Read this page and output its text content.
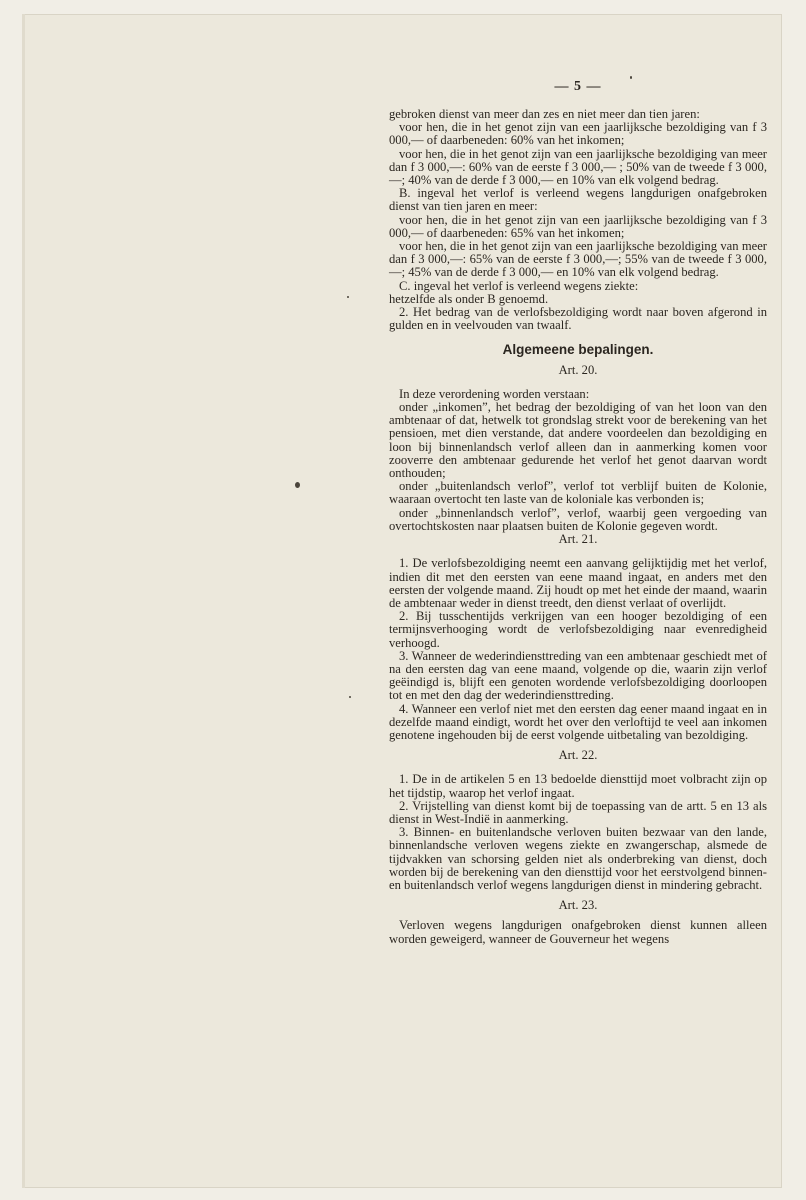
— 5 —

gebroken dienst van meer dan zes en niet meer dan tien jaren:

voor hen, die in het genot zijn van een jaarlijksche bezoldiging van f 3 000,— of daarbeneden: 60% van het inkomen;

voor hen, die in het genot zijn van een jaarlijksche bezoldiging van meer dan f 3 000,—: 60% van de eerste f 3 000,— ; 50% van de tweede f 3 000,—; 40% van de derde f 3 000,— en 10% van elk volgend bedrag.

B. ingeval het verlof is verleend wegens langdurigen onafgebroken dienst van tien jaren en meer:

voor hen, die in het genot zijn van een jaarlijksche bezoldiging van f 3 000,— of daarbeneden: 65% van het inkomen;

voor hen, die in het genot zijn van een jaarlijksche bezoldiging van meer dan f 3 000,—: 65% van de eerste f 3 000,—; 55% van de tweede f 3 000,—; 45% van de derde f 3 000,— en 10% van elk volgend bedrag.

C. ingeval het verlof is verleend wegens ziekte:

hetzelfde als onder B genoemd.

2. Het bedrag van de verlofsbezoldiging wordt naar boven afgerond in gulden en in veelvouden van twaalf.

Algemeene bepalingen.

Art. 20.

In deze verordening worden verstaan:

onder „inkomen”, het bedrag der bezoldiging of van het loon van den ambtenaar of dat, hetwelk tot grondslag strekt voor de berekening van het pensioen, met dien verstande, dat andere voordeelen dan bezoldiging en loon bij binnenlandsch verlof alleen dan in aanmerking komen voor zooverre den ambtenaar gedurende het verlof het genot daarvan wordt onthouden;

onder „buitenlandsch verlof”, verlof tot verblijf buiten de Kolonie, waaraan overtocht ten laste van de koloniale kas verbonden is;

onder „binnenlandsch verlof”, verlof, waarbij geen vergoeding van overtochtskosten naar plaatsen buiten de Kolonie gegeven wordt.

Art. 21.

1. De verlofsbezoldiging neemt een aanvang gelijktijdig met het verlof, indien dit met den eersten van eene maand ingaat, en anders met den eersten der volgende maand. Zij houdt op met het einde der maand, waarin de ambtenaar weder in dienst treedt, den dienst verlaat of overlijdt.

2. Bij tusschentijds verkrijgen van een hooger bezoldiging of een termijnsverhooging wordt de verlofsbezoldiging naar evenredigheid verhoogd.

3. Wanneer de wederindiensttreding van een ambtenaar geschiedt met of na den eersten dag van eene maand, volgende op die, waarin zijn verlof geëindigd is, blijft een genoten wordende verlofsbezoldiging doorloopen tot en met den dag der wederindiensttreding.

4. Wanneer een verlof niet met den eersten dag eener maand ingaat en in dezelfde maand eindigt, wordt het over den verloftijd te veel aan inkomen genotene ingehouden bij de eerst volgende uitbetaling van bezoldiging.

Art. 22.

1. De in de artikelen 5 en 13 bedoelde diensttijd moet volbracht zijn op het tijdstip, waarop het verlof ingaat.

2. Vrijstelling van dienst komt bij de toepassing van de artt. 5 en 13 als dienst in West-Indië in aanmerking.

3. Binnen- en buitenlandsche verloven buiten bezwaar van den lande, binnenlandsche verloven wegens ziekte en zwangerschap, alsmede de tijdvakken van schorsing gelden niet als onderbreking van dienst, doch worden bij de berekening van den diensttijd voor het eerstvolgend binnen- en buitenlandsch verlof wegens langdurigen dienst in mindering gebracht.

Art. 23.

Verloven wegens langdurigen onafgebroken dienst kunnen alleen worden geweigerd, wanneer de Gouverneur het wegens
